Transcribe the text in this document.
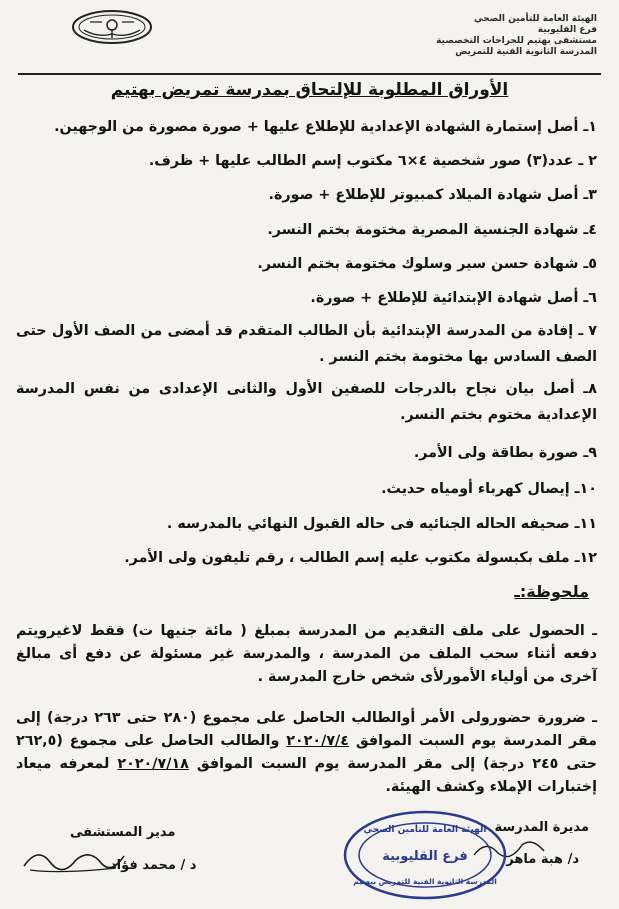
الهيئة العامة للتأمين الصحي
فرع القليوبية
مستشفى بهتيم للجراحات التخصصية
المدرسة الثانوية الفنية للتمريض
الأوراق المطلوبة للإلتحاق بمدرسة تمريض بهتيم
١ـ أصل إستمارة الشهادة الإعدادية للإطلاع عليها + صورة مصورة من الوجهين.
٢ ـ عدد(٣) صور شخصية ٤×٦ مكتوب إسم الطالب عليها + ظرف.
٣ـ أصل شهادة الميلاد كمبيوتر للإطلاع + صورة.
٤ـ شهادة الجنسية المصرية مختومة بختم النسر.
٥ـ شهادة حسن سير وسلوك مختومة بختم النسر.
٦ـ أصل شهادة الإبتدائية للإطلاع + صورة.
٧ ـ إفادة من المدرسة الإبتدائية بأن الطالب المتقدم قد أمضى من الصف الأول حتى الصف السادس بها مختومة بختم النسر .
٨ـ أصل بيان نجاح بالدرجات للصفين الأول والثانى الإعدادى من نفس المدرسة الإعدادية مختوم بختم النسر.
٩ـ صورة بطاقة ولى الأمر.
١٠ـ إيصال كهرباء أومياه حديث.
١١ـ صحيفه الحاله الجنائيه فى حاله القبول النهائي بالمدرسه .
١٢ـ ملف بكبسولة مكتوب عليه إسم الطالب ، رقم تليفون ولى الأمر.
ملحوظة:ـ
ـ الحصول على ملف التقديم من المدرسة بمبلغ ( مائة جنيها ت) فقط لاغيرويتم دفعه أثناء سحب الملف من المدرسة ، والمدرسة غير مسئولة عن دفع أى مبالغ آخرى من أولياء الأمورلأى شخص خارج المدرسة .
ـ ضرورة حضورولى الأمر أوالطالب الحاصل على مجموع (٢٨٠ حتى ٢٦٣ درجة) إلى مقر المدرسة يوم السبت الموافق ٢٠٢٠/٧/٤ والطالب الحاصل على مجموع (٢٦٢,٥ حتى ٢٤٥ درجة) إلى مقر المدرسة يوم السبت الموافق ٢٠٢٠/٧/١٨ لمعرفه ميعاد إختبارات الإملاء وكشف الهيئة.
مديرة المدرسة
د/ هبة ماهر
مدير المستشفى
د / محمد فؤاد
الهيئة العامة للتأمين الصحي
فرع القليوبية
المدرسة الثانوية الفنية للتمريض ببهتيم
